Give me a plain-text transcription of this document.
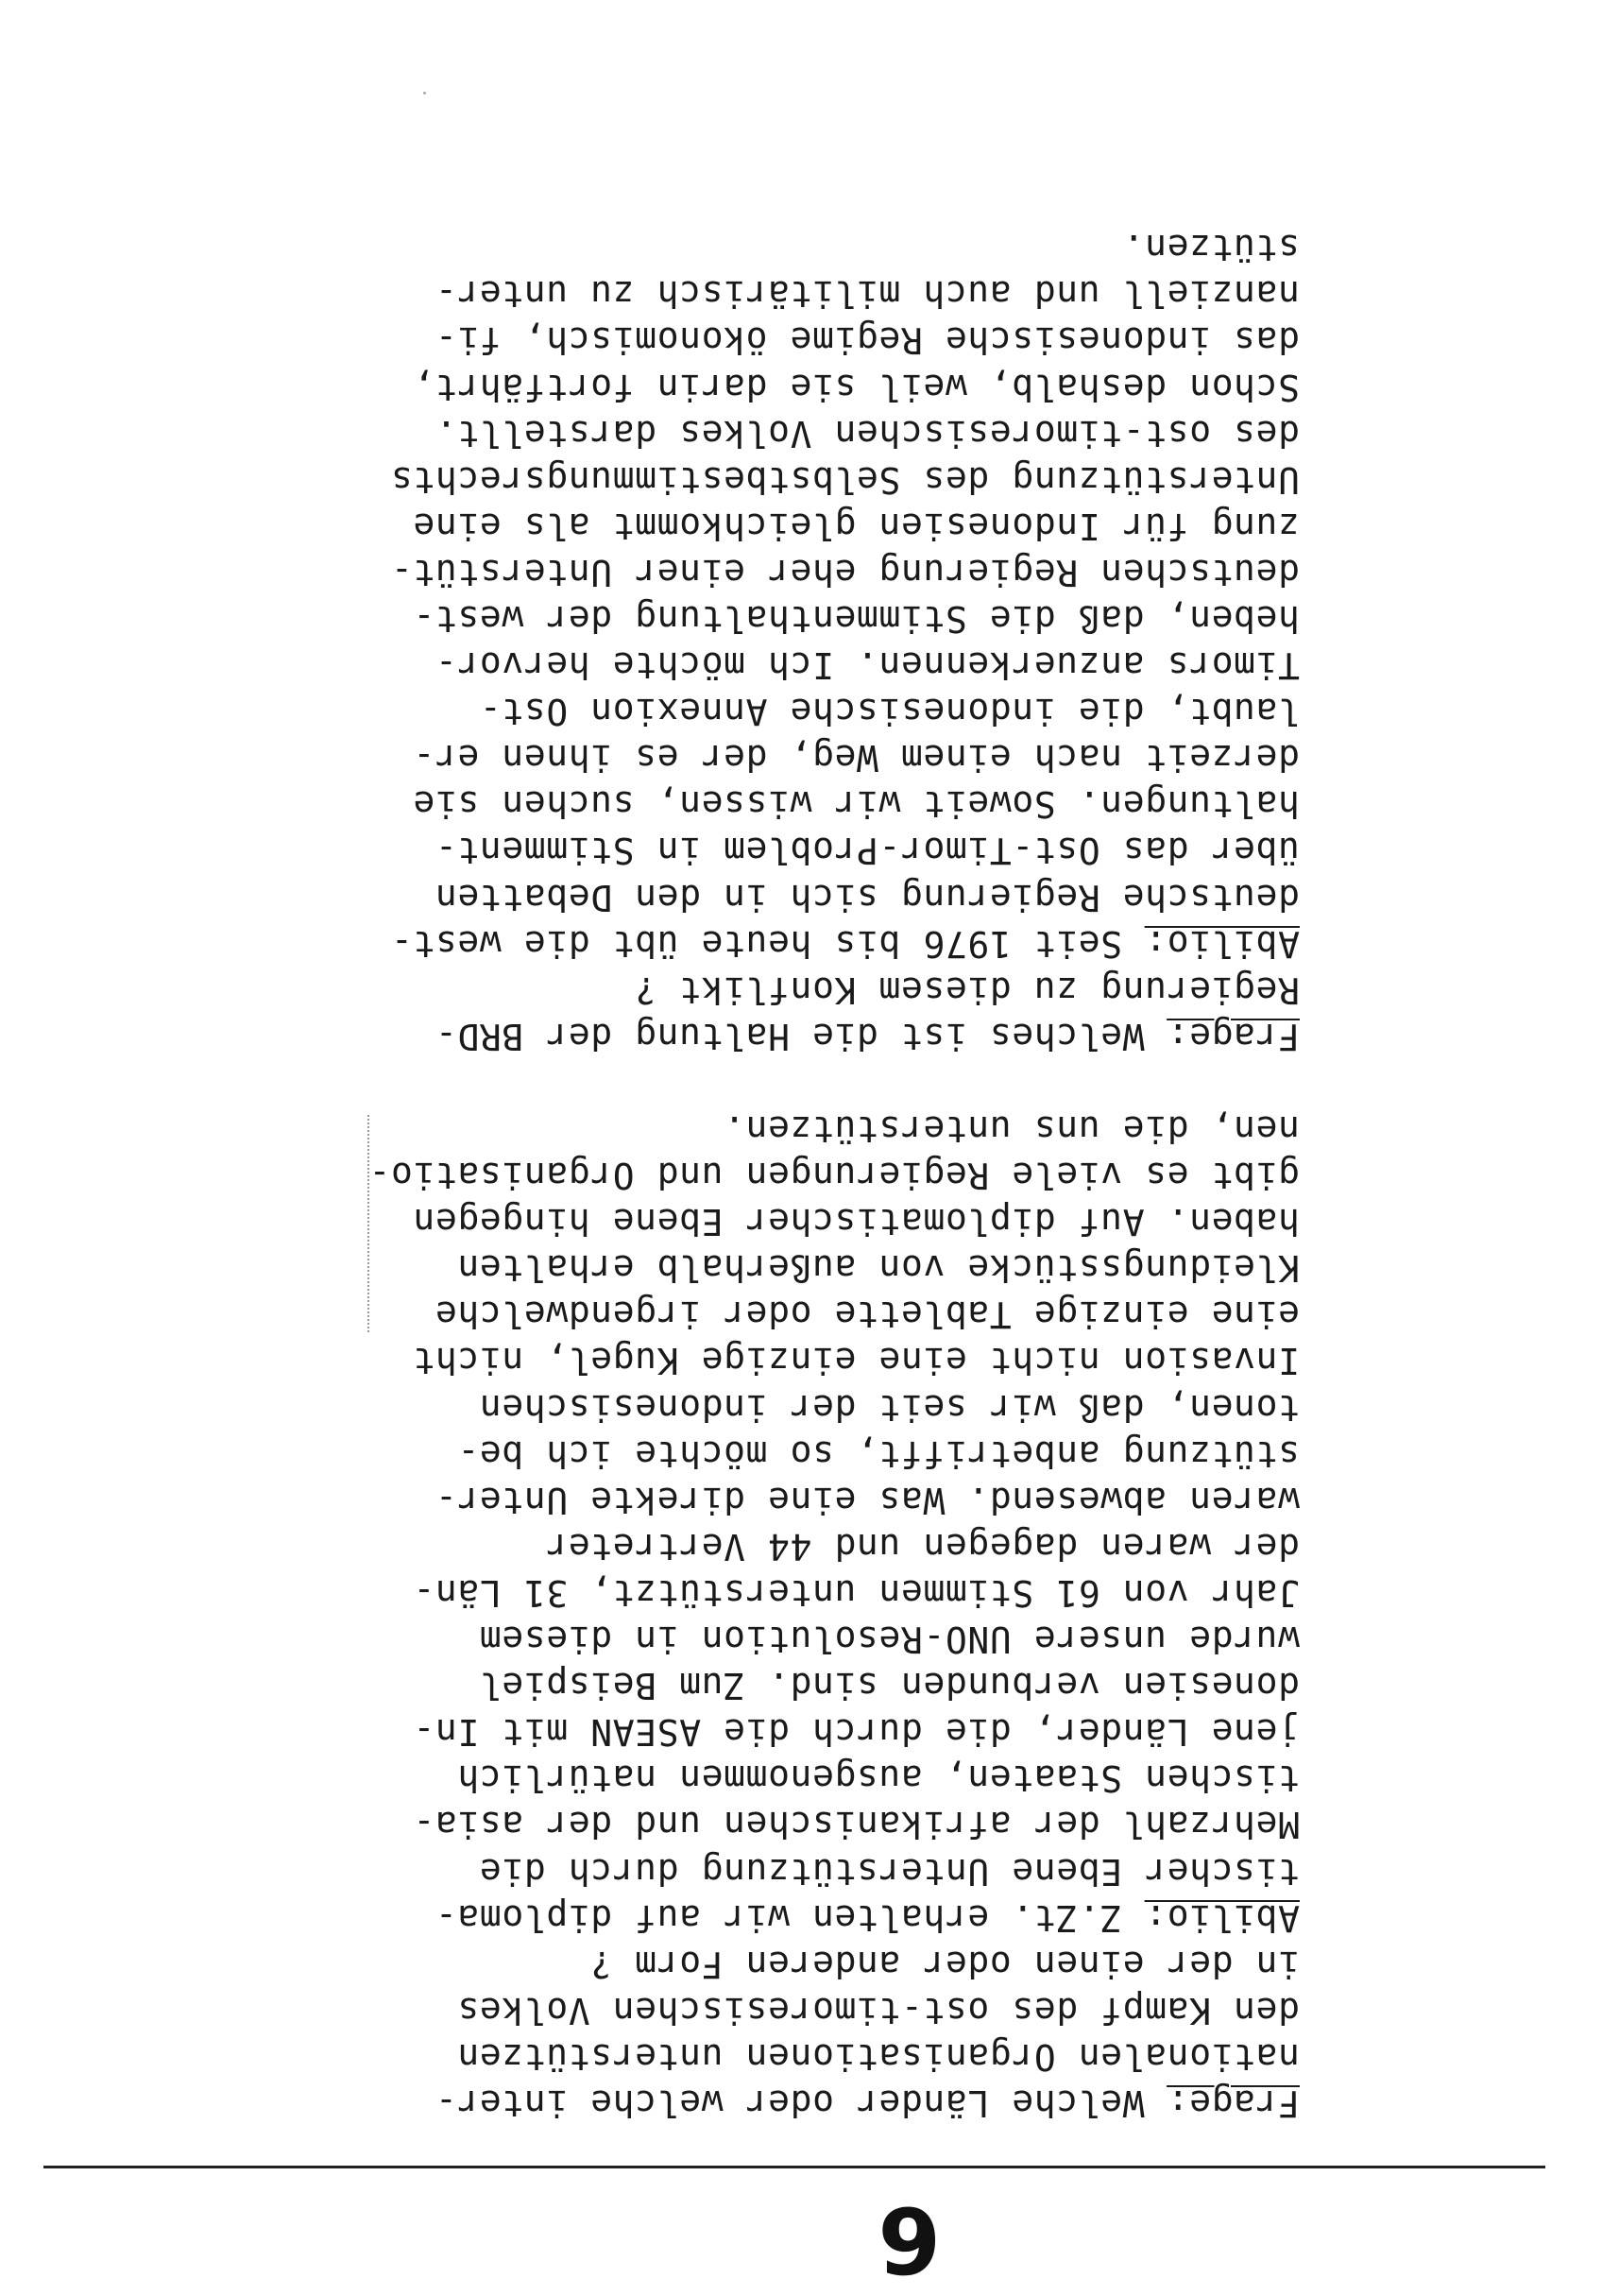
6
Frage: Welche Länder oder welche inter-
nationalen Organisationen unterstützen
den Kampf des ost-timoresischen Volkes
in der einen oder anderen Form ?
Abilio: Z.Zt. erhalten wir auf diploma-
tischer Ebene Unterstützung durch die
Mehrzahl der afrikanischen und der asia-
tischen Staaten, ausgenommen natürlich
jene Länder, die durch die ASEAN mit In-
donesien verbunden sind. Zum Beispiel
wurde unsere UNO-Resolution in diesem
Jahr von 61 Stimmen unterstützt, 31 Län-
der waren dagegen und 44 Vertreter
waren abwesend. Was eine direkte Unter-
stützung anbetrifft, so möchte ich be-
tonen, daß wir seit der indonesischen
Invasion nicht eine einzige Kugel, nicht
eine einzige Tablette oder irgendwelche
Kleidungsstücke von außerhalb erhalten
haben. Auf diplomatischer Ebene hingegen
gibt es viele Regierungen und Organisatio-
nen, die uns unterstützen.
Frage: Welches ist die Haltung der BRD-
Regierung zu diesem Konflikt ?
Abilio: Seit 1976 bis heute übt die west-
deutsche Regierung sich in den Debatten
über das Ost-Timor-Problem in Stimment-
haltungen. Soweit wir wissen, suchen sie
derzeit nach einem Weg, der es ihnen er-
laubt, die indonesische Annexion Ost-
Timors anzuerkennen. Ich möchte hervor-
heben, daß die Stimmenthaltung der west-
deutschen Regierung eher einer Unterstüt-
zung für Indonesien gleichkommt als eine
Unterstützung des Selbstbestimmungsrechts
des ost-timoresischen Volkes darstellt.
Schon deshalb, weil sie darin fortfährt,
das indonesische Regime ökonomisch, fi-
nanziell und auch militärisch zu unter-
stützen.
